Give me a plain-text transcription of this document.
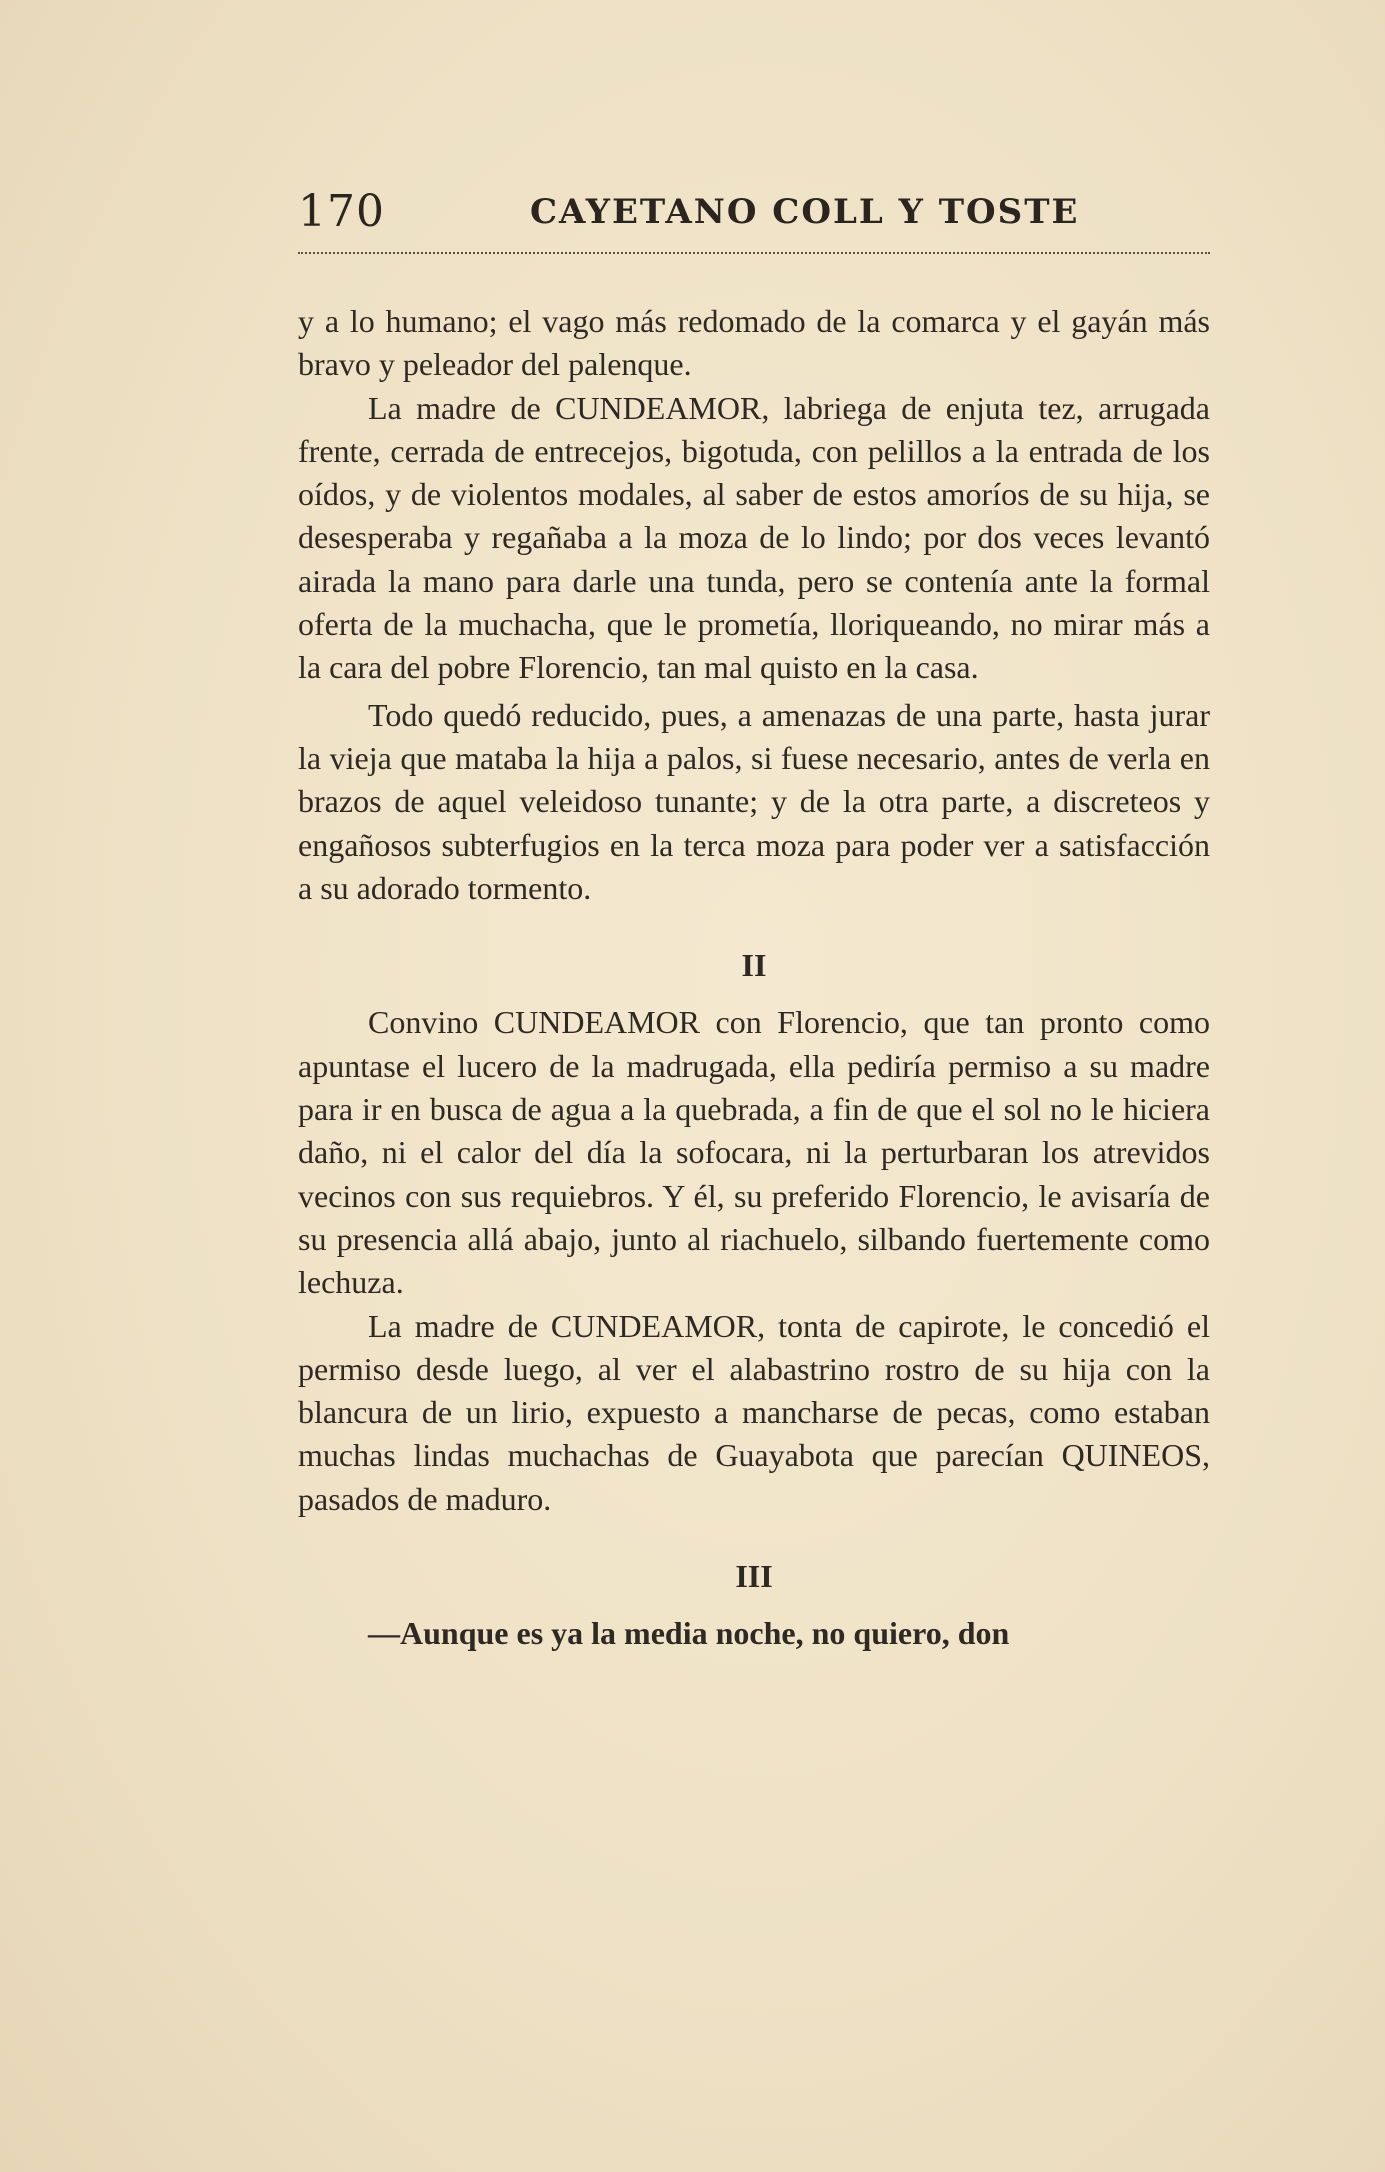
170	CAYETANO COLL Y TOSTE

y a lo humano; el vago más redomado de la comarca y el gayán más bravo y peleador del palenque.

La madre de CUNDEAMOR, labriega de enjuta tez, arrugada frente, cerrada de entrecejos, bigotuda, con pelillos a la entrada de los oídos, y de violentos modales, al saber de estos amoríos de su hija, se desesperaba y regañaba a la moza de lo lindo; por dos veces levantó airada la mano para darle una tunda, pero se contenía ante la formal oferta de la muchacha, que le prometía, lloriqueando, no mirar más a la cara del pobre Florencio, tan mal quisto en la casa.

Todo quedó reducido, pues, a amenazas de una parte, hasta jurar la vieja que mataba la hija a palos, si fuese necesario, antes de verla en brazos de aquel veleidoso tunante; y de la otra parte, a discreteos y engañosos subterfugios en la terca moza para poder ver a satisfacción a su adorado tormento.

II

Convino CUNDEAMOR con Florencio, que tan pronto como apuntase el lucero de la madrugada, ella pediría permiso a su madre para ir en busca de agua a la quebrada, a fin de que el sol no le hiciera daño, ni el calor del día la sofocara, ni la perturbaran los atrevidos vecinos con sus requiebros. Y él, su preferido Florencio, le avisaría de su presencia allá abajo, junto al riachuelo, silbando fuertemente como lechuza.

La madre de CUNDEAMOR, tonta de capirote, le concedió el permiso desde luego, al ver el alabastrino rostro de su hija con la blancura de un lirio, expuesto a mancharse de pecas, como estaban muchas lindas muchachas de Guayabota que parecían QUINEOS, pasados de maduro.

III

—Aunque es ya la media noche, no quiero, don
